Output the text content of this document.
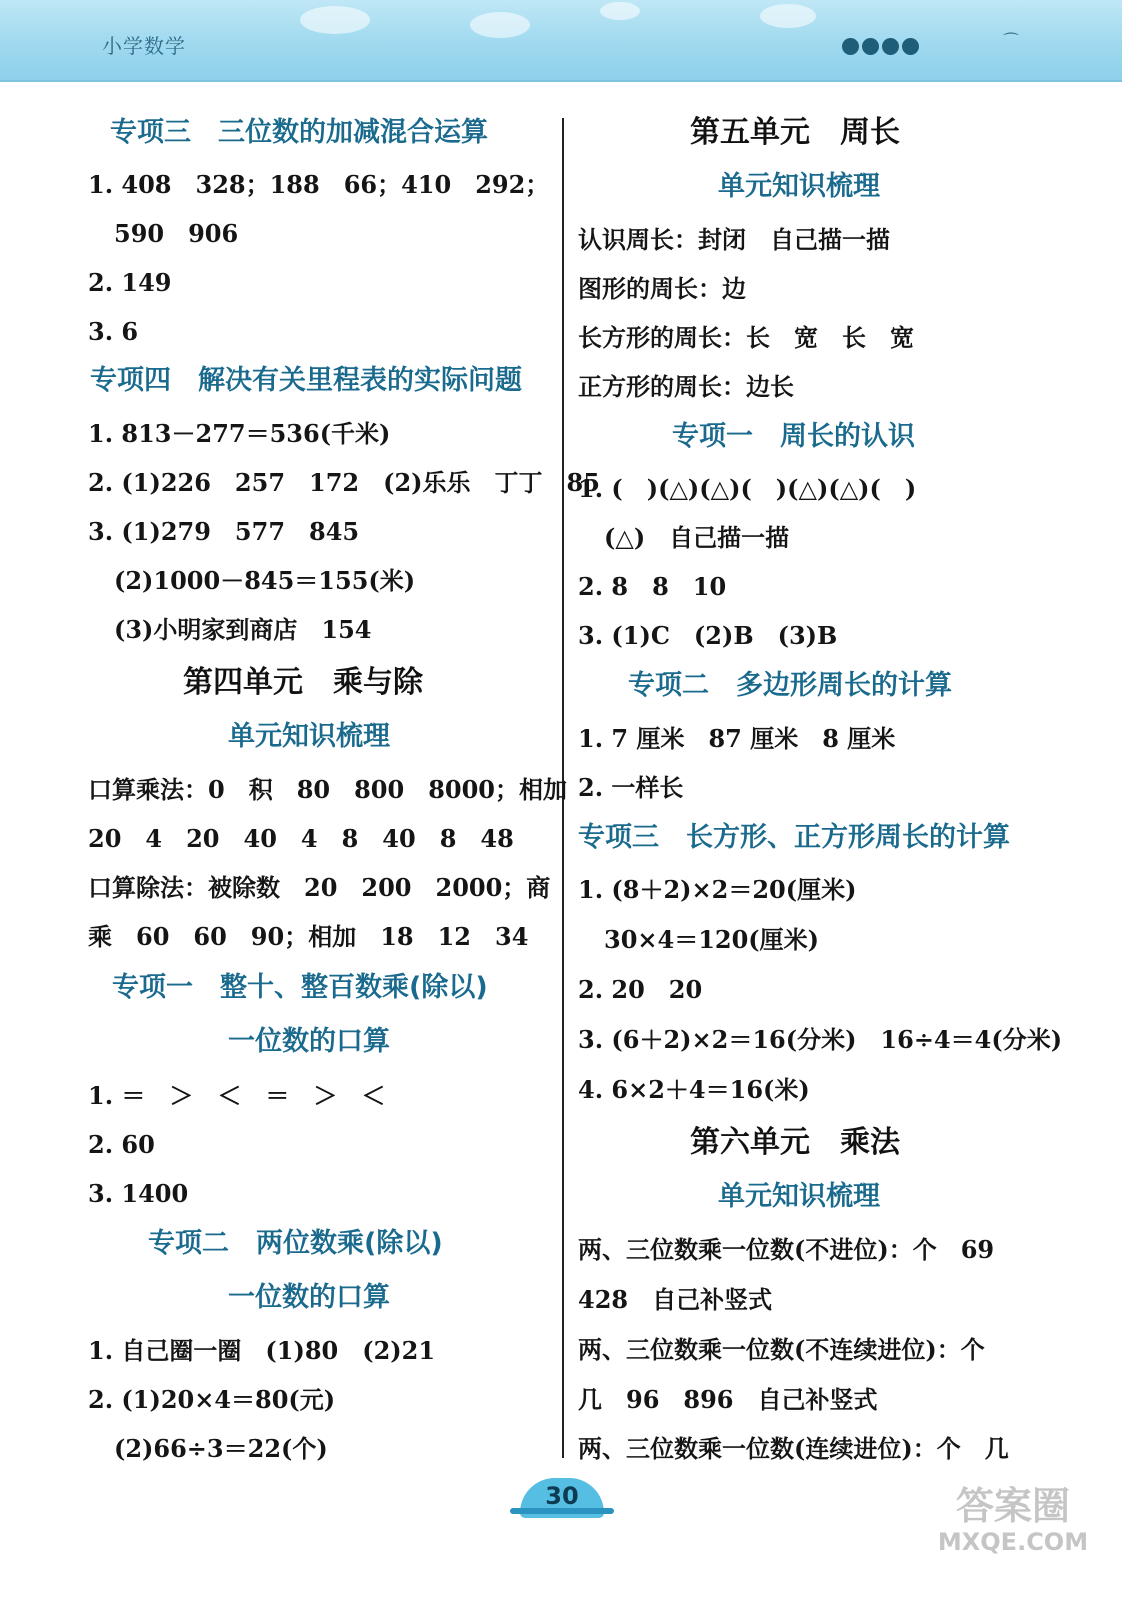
小学数学	⌒
专项三　三位数的加减混合运算
1. 408　328；188　66；410　292；
590　906
2. 149
3. 6
专项四　解决有关里程表的实际问题
1. 813－277＝536(千米)
2. (1)226　257　172　(2)乐乐　丁丁　85
3. (1)279　577　845
(2)1000－845＝155(米)
(3)小明家到商店　154
第四单元　乘与除
单元知识梳理
口算乘法：0　积　80　800　8000；相加
20　4　20　40　4　8　40　8　48
口算除法：被除数　20　200　2000；商
乘　60　60　90；相加　18　12　34
专项一　整十、整百数乘(除以)
一位数的口算
1. ＝　＞　＜　＝　＞　＜
2. 60
3. 1400
专项二　两位数乘(除以)
一位数的口算
1. 自己圈一圈　(1)80　(2)21
2. (1)20×4＝80(元)
(2)66÷3＝22(个)
第五单元　周长
单元知识梳理
认识周长：封闭　自己描一描
图形的周长：边
长方形的周长：长　宽　长　宽
正方形的周长：边长
专项一　周长的认识
1. (　)(△)(△)(　)(△)(△)(　)
(△)　自己描一描
2. 8　8　10
3. (1)C　(2)B　(3)B
专项二　多边形周长的计算
1. 7 厘米　87 厘米　8 厘米
2. 一样长
专项三　长方形、正方形周长的计算
1. (8＋2)×2＝20(厘米)
30×4＝120(厘米)
2. 20　20
3. (6＋2)×2＝16(分米)　16÷4＝4(分米)
4. 6×2＋4＝16(米)
第六单元　乘法
单元知识梳理
两、三位数乘一位数(不进位)：个　69
428　自己补竖式
两、三位数乘一位数(不连续进位)：个
几　96　896　自己补竖式
两、三位数乘一位数(连续进位)：个　几
30	答案圈
MXQE.COM
